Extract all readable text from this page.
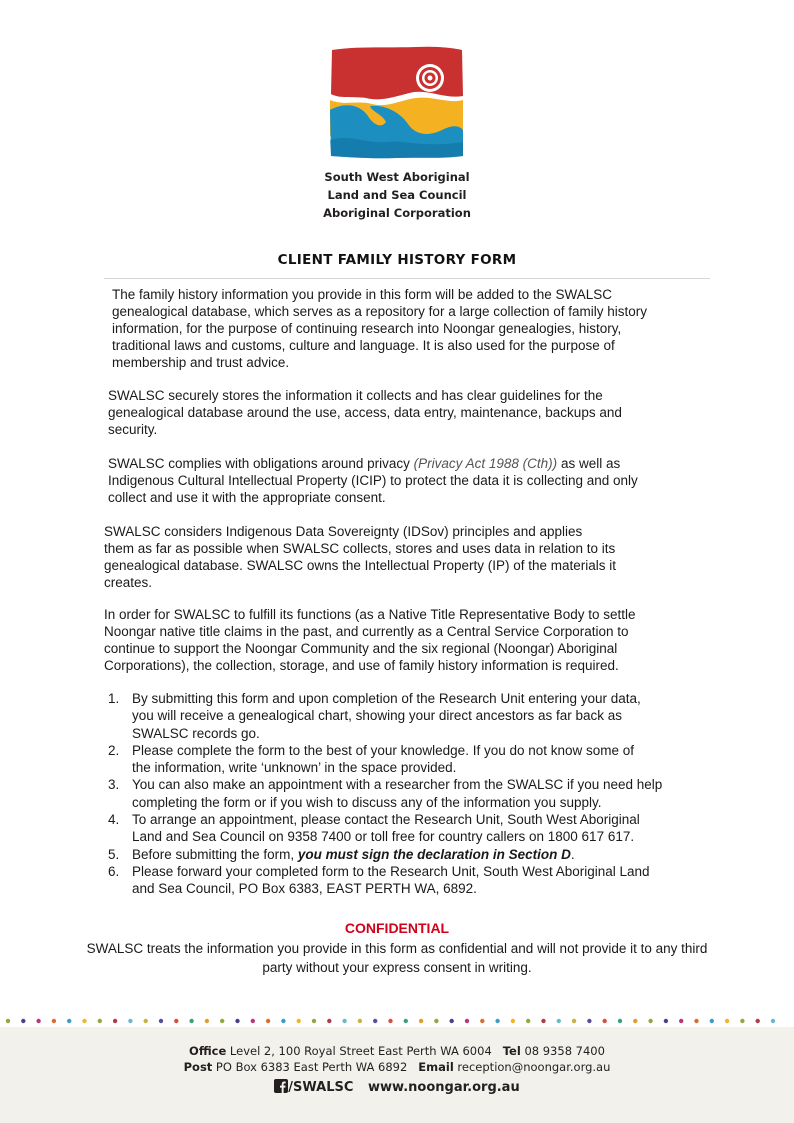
South West Aboriginal
Land and Sea Council
Aboriginal Corporation
CLIENT FAMILY HISTORY FORM
The family history information you provide in this form will be added to the SWALSC
genealogical database, which serves as a repository for a large collection of family history
information, for the purpose of continuing research into Noongar genealogies, history,
traditional laws and customs, culture and language. It is also used for the purpose of
membership and trust advice.
SWALSC securely stores the information it collects and has clear guidelines for the
genealogical database around the use, access, data entry, maintenance, backups and
security.
SWALSC complies with obligations around privacy (Privacy Act 1988 (Cth)) as well as
Indigenous Cultural Intellectual Property (ICIP) to protect the data it is collecting and only
collect and use it with the appropriate consent.
SWALSC considers Indigenous Data Sovereignty (IDSov) principles and applies
them as far as possible when SWALSC collects, stores and uses data in relation to its
genealogical database. SWALSC owns the Intellectual Property (IP) of the materials it
creates.
In order for SWALSC to fulfill its functions (as a Native Title Representative Body to settle
Noongar native title claims in the past, and currently as a Central Service Corporation to
continue to support the Noongar Community and the six regional (Noongar) Aboriginal
Corporations), the collection, storage, and use of family history information is required.
1. By submitting this form and upon completion of the Research Unit entering your data,
you will receive a genealogical chart, showing your direct ancestors as far back as
SWALSC records go.
2. Please complete the form to the best of your knowledge. If you do not know some of
the information, write ‘unknown’ in the space provided.
3. You can also make an appointment with a researcher from the SWALSC if you need help
completing the form or if you wish to discuss any of the information you supply.
4. To arrange an appointment, please contact the Research Unit, South West Aboriginal
Land and Sea Council on 9358 7400 or toll free for country callers on 1800 617 617.
5. Before submitting the form, you must sign the declaration in Section D.
6. Please forward your completed form to the Research Unit, South West Aboriginal Land
and Sea Council, PO Box 6383, EAST PERTH WA, 6892.
CONFIDENTIAL
SWALSC treats the information you provide in this form as confidential and will not provide it to any third
party without your express consent in writing.
Office Level 2, 100 Royal Street East Perth WA 6004 Tel 08 9358 7400
Post PO Box 6383 East Perth WA 6892 Email reception@noongar.org.au
/SWALSC www.noongar.org.au
